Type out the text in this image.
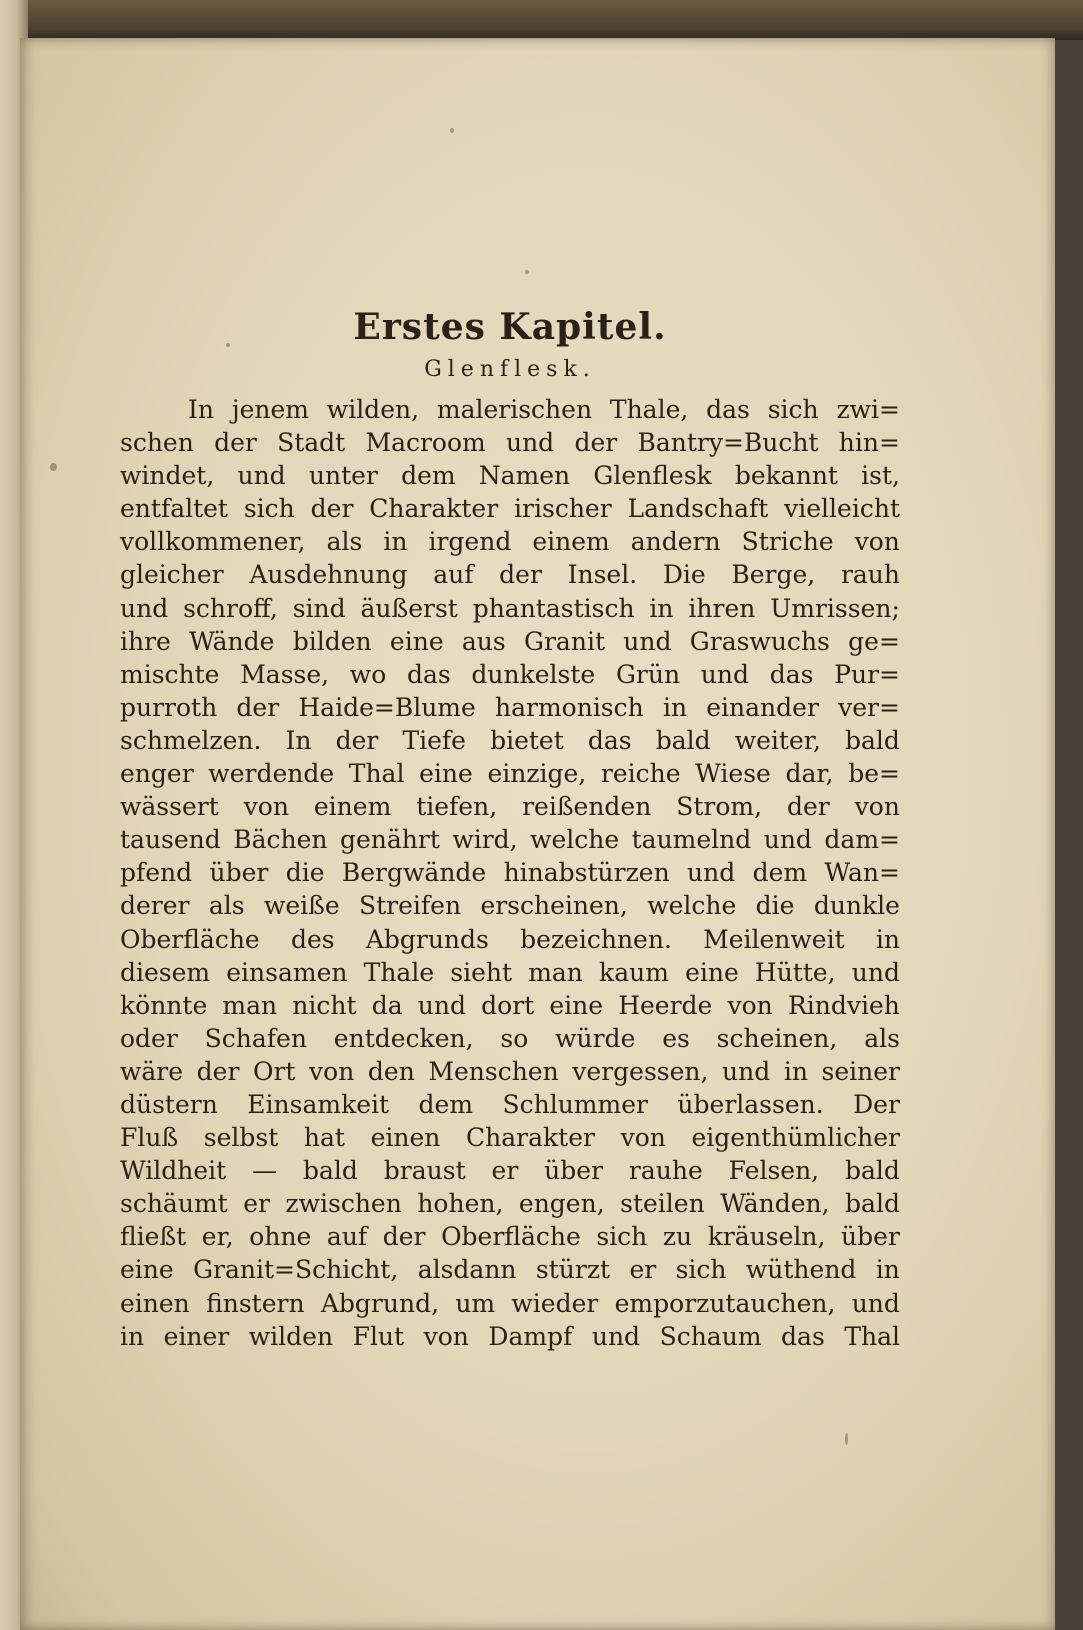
Erstes Kapitel.
Glenflesk.
In jenem wilden, malerischen Thale, das sich zwi=
schen der Stadt Macroom und der Bantry=Bucht hin=
windet, und unter dem Namen Glenflesk bekannt ist,
entfaltet sich der Charakter irischer Landschaft vielleicht
vollkommener, als in irgend einem andern Striche von
gleicher Ausdehnung auf der Insel. Die Berge, rauh
und schroff, sind äußerst phantastisch in ihren Umrissen;
ihre Wände bilden eine aus Granit und Graswuchs ge=
mischte Masse, wo das dunkelste Grün und das Pur=
purroth der Haide=Blume harmonisch in einander ver=
schmelzen. In der Tiefe bietet das bald weiter, bald
enger werdende Thal eine einzige, reiche Wiese dar, be=
wässert von einem tiefen, reißenden Strom, der von
tausend Bächen genährt wird, welche taumelnd und dam=
pfend über die Bergwände hinabstürzen und dem Wan=
derer als weiße Streifen erscheinen, welche die dunkle
Oberfläche des Abgrunds bezeichnen. Meilenweit in
diesem einsamen Thale sieht man kaum eine Hütte, und
könnte man nicht da und dort eine Heerde von Rindvieh
oder Schafen entdecken, so würde es scheinen, als
wäre der Ort von den Menschen vergessen, und in seiner
düstern Einsamkeit dem Schlummer überlassen. Der
Fluß selbst hat einen Charakter von eigenthümlicher
Wildheit — bald braust er über rauhe Felsen, bald
schäumt er zwischen hohen, engen, steilen Wänden, bald
fließt er, ohne auf der Oberfläche sich zu kräuseln, über
eine Granit=Schicht, alsdann stürzt er sich wüthend in
einen finstern Abgrund, um wieder emporzutauchen, und
in einer wilden Flut von Dampf und Schaum das Thal
